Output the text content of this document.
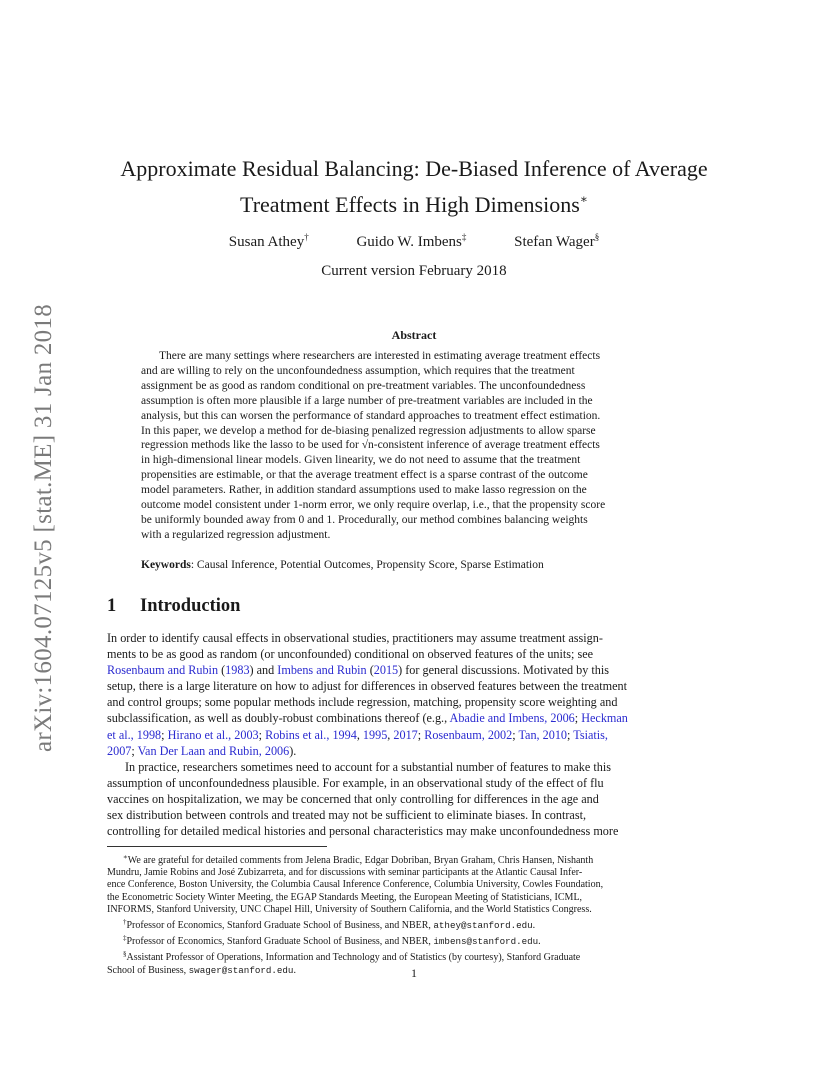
arXiv:1604.07125v5 [stat.ME] 31 Jan 2018
Approximate Residual Balancing: De-Biased Inference of Average
Treatment Effects in High Dimensions∗
Susan Athey†	Guido W. Imbens‡	Stefan Wager§
Current version February 2018
Abstract
There are many settings where researchers are interested in estimating average treatment effects
and are willing to rely on the unconfoundedness assumption, which requires that the treatment
assignment be as good as random conditional on pre-treatment variables. The unconfoundedness
assumption is often more plausible if a large number of pre-treatment variables are included in the
analysis, but this can worsen the performance of standard approaches to treatment effect estimation.
In this paper, we develop a method for de-biasing penalized regression adjustments to allow sparse
regression methods like the lasso to be used for √n-consistent inference of average treatment effects
in high-dimensional linear models. Given linearity, we do not need to assume that the treatment
propensities are estimable, or that the average treatment effect is a sparse contrast of the outcome
model parameters. Rather, in addition standard assumptions used to make lasso regression on the
outcome model consistent under 1-norm error, we only require overlap, i.e., that the propensity score
be uniformly bounded away from 0 and 1. Procedurally, our method combines balancing weights
with a regularized regression adjustment.
Keywords: Causal Inference, Potential Outcomes, Propensity Score, Sparse Estimation
1 Introduction
In order to identify causal effects in observational studies, practitioners may assume treatment assign-
ments to be as good as random (or unconfounded) conditional on observed features of the units; see
Rosenbaum and Rubin (1983) and Imbens and Rubin (2015) for general discussions. Motivated by this
setup, there is a large literature on how to adjust for differences in observed features between the treatment
and control groups; some popular methods include regression, matching, propensity score weighting and
subclassification, as well as doubly-robust combinations thereof (e.g., Abadie and Imbens, 2006; Heckman
et al., 1998; Hirano et al., 2003; Robins et al., 1994, 1995, 2017; Rosenbaum, 2002; Tan, 2010; Tsiatis,
2007; Van Der Laan and Rubin, 2006).
In practice, researchers sometimes need to account for a substantial number of features to make this
assumption of unconfoundedness plausible. For example, in an observational study of the effect of flu
vaccines on hospitalization, we may be concerned that only controlling for differences in the age and
sex distribution between controls and treated may not be sufficient to eliminate biases. In contrast,
controlling for detailed medical histories and personal characteristics may make unconfoundedness more
∗We are grateful for detailed comments from Jelena Bradic, Edgar Dobriban, Bryan Graham, Chris Hansen, Nishanth
Mundru, Jamie Robins and José Zubizarreta, and for discussions with seminar participants at the Atlantic Causal Infer-
ence Conference, Boston University, the Columbia Causal Inference Conference, Columbia University, Cowles Foundation,
the Econometric Society Winter Meeting, the EGAP Standards Meeting, the European Meeting of Statisticians, ICML,
INFORMS, Stanford University, UNC Chapel Hill, University of Southern California, and the World Statistics Congress.
†Professor of Economics, Stanford Graduate School of Business, and NBER, athey@stanford.edu.
‡Professor of Economics, Stanford Graduate School of Business, and NBER, imbens@stanford.edu.
§Assistant Professor of Operations, Information and Technology and of Statistics (by courtesy), Stanford Graduate
School of Business, swager@stanford.edu.	1
